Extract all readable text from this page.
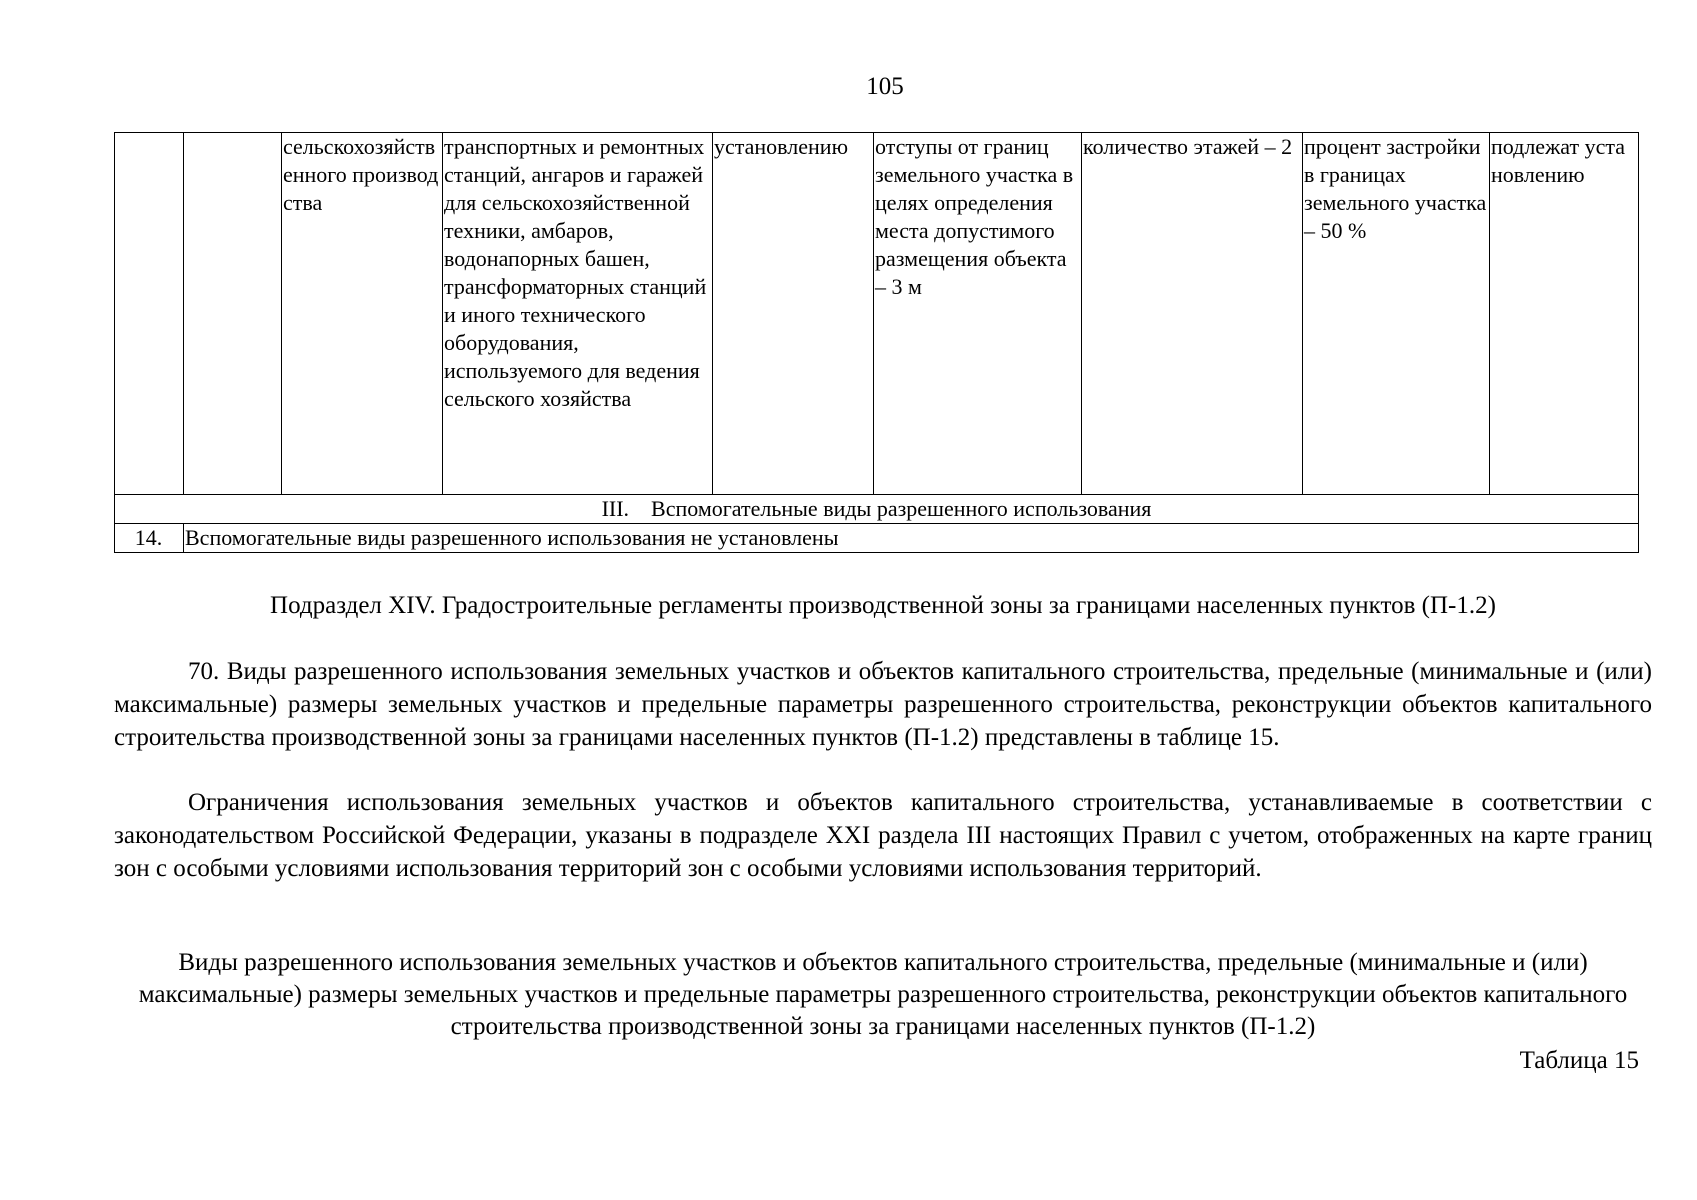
105
		сельскохозяйственного производства	транспортных и ремонтных станций, ангаров и гаражей для сельскохозяйственной техники, амбаров, водонапорных башен, трансформаторных станций и иного технического оборудования, используемого для ведения сельского хозяйства	установлению	отступы от границ земельного участка в целях определения места допустимого размещения объекта – 3 м	количество этажей – 2	процент застройки в границах земельного участка – 50 %	подлежат установлению
III.    Вспомогательные виды разрешенного использования								
14.	Вспомогательные виды разрешенного использования не установлены							
Подраздел XIV. Градостроительные регламенты производственной зоны за границами населенных пунктов (П-1.2)
70. Виды разрешенного использования земельных участков и объектов капитального строительства, предельные (минимальные и (или) максимальные) размеры земельных участков и предельные параметры разрешенного строительства, реконструкции объектов капитального строительства производственной зоны за границами населенных пунктов (П-1.2) представлены в таблице 15.
Ограничения использования земельных участков и объектов капитального строительства, устанавливаемые в соответствии с законодательством Российской Федерации, указаны в подразделе XXI раздела III настоящих Правил с учетом, отображенных на карте границ зон с особыми условиями использования территорий зон с особыми условиями использования территорий.
Виды разрешенного использования земельных участков и объектов капитального строительства, предельные (минимальные и (или) максимальные) размеры земельных участков и предельные параметры разрешенного строительства, реконструкции объектов капитального строительства производственной зоны за границами населенных пунктов (П-1.2)
Таблица 15
